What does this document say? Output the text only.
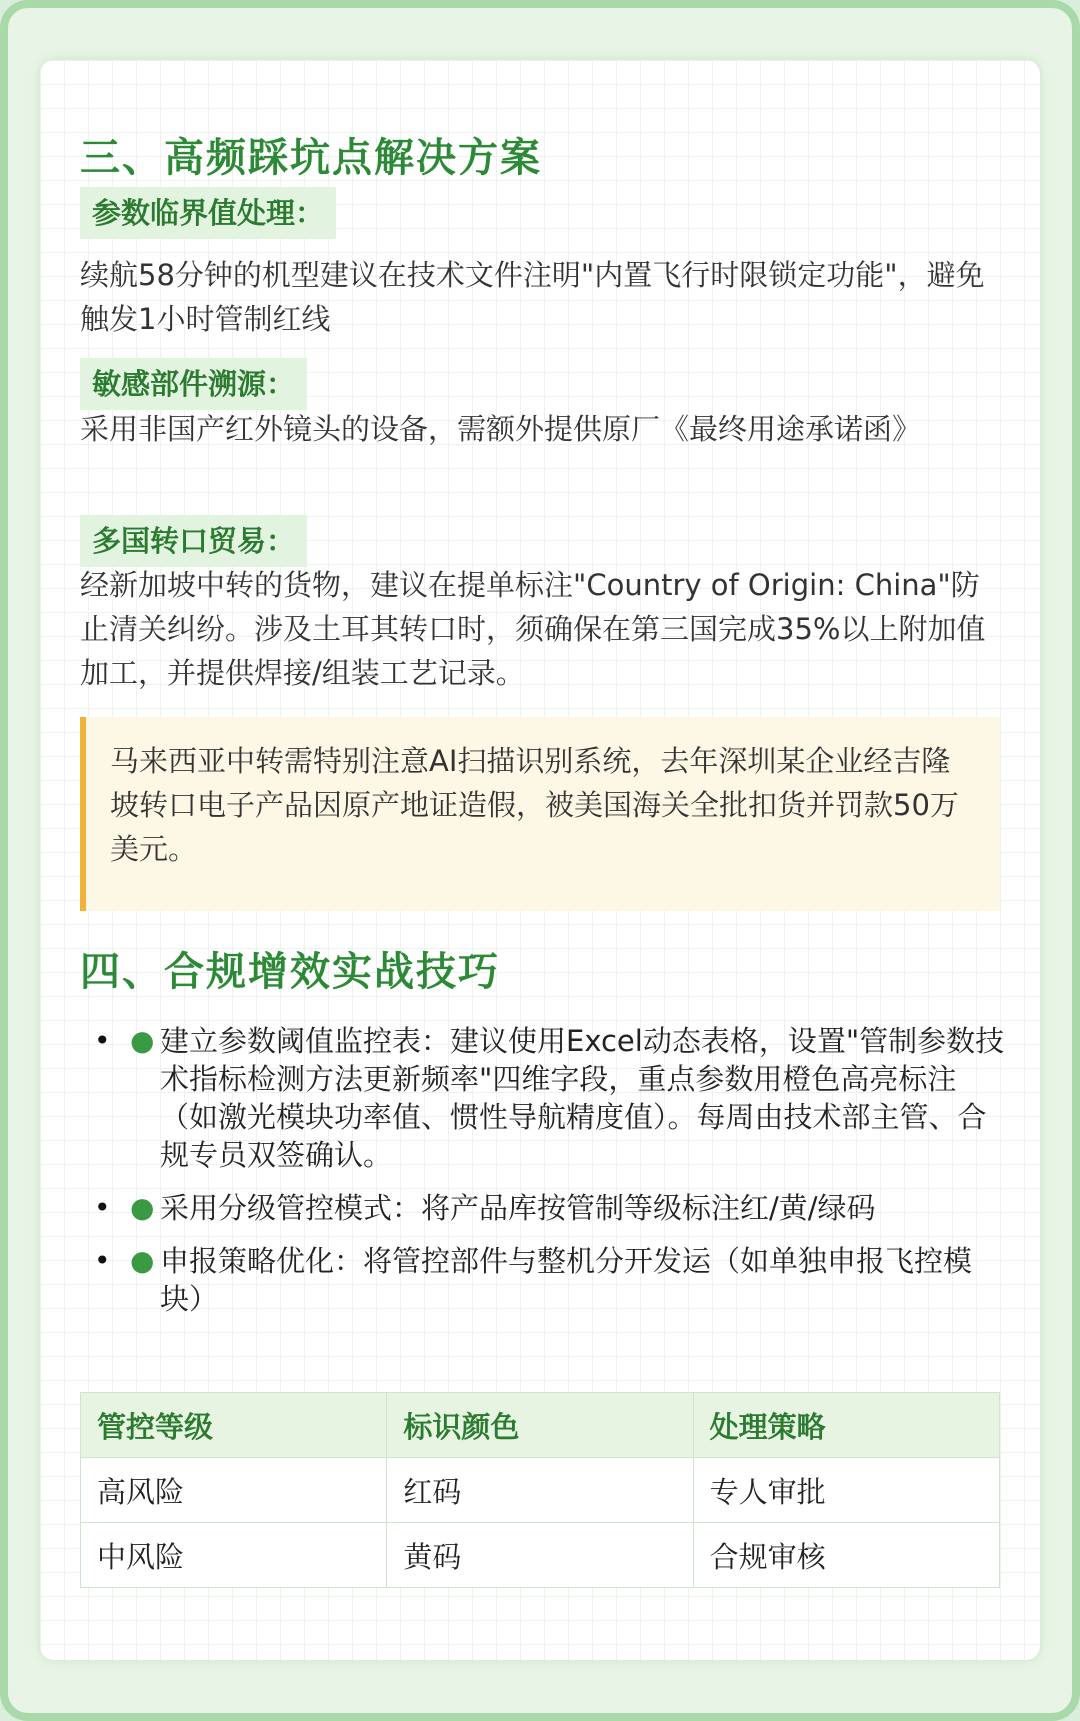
三、高频踩坑点解决方案
参数临界值处理：

续航58分钟的机型建议在技术文件注明"内置飞行时限锁定功能"，避免触发1小时管制红线

敏感部件溯源：

采用非国产红外镜头的设备，需额外提供原厂《最终用途承诺函》

多国转口贸易：

经新加坡中转的货物，建议在提单标注"Country of Origin: China"防止清关纠纷。涉及土耳其转口时，须确保在第三国完成35%以上附加值加工，并提供焊接/组装工艺记录。

马来西亚中转需特别注意AI扫描识别系统，去年深圳某企业经吉隆坡转口电子产品因原产地证造假，被美国海关全批扣货并罚款50万美元。

四、合规增效实战技巧
• ● 建立参数阈值监控表：建议使用Excel动态表格，设置"管制参数技术指标检测方法更新频率"四维字段，重点参数用橙色高亮标注（如激光模块功率值、惯性导航精度值）。每周由技术部主管、合规专员双签确认。
• ● 采用分级管控模式：将产品库按管制等级标注红/黄/绿码
• ● 申报策略优化：将管控部件与整机分开发运（如单独申报飞控模块）
管控等级	标识颜色	处理策略
高风险	红码	专人审批
中风险	黄码	合规审核
